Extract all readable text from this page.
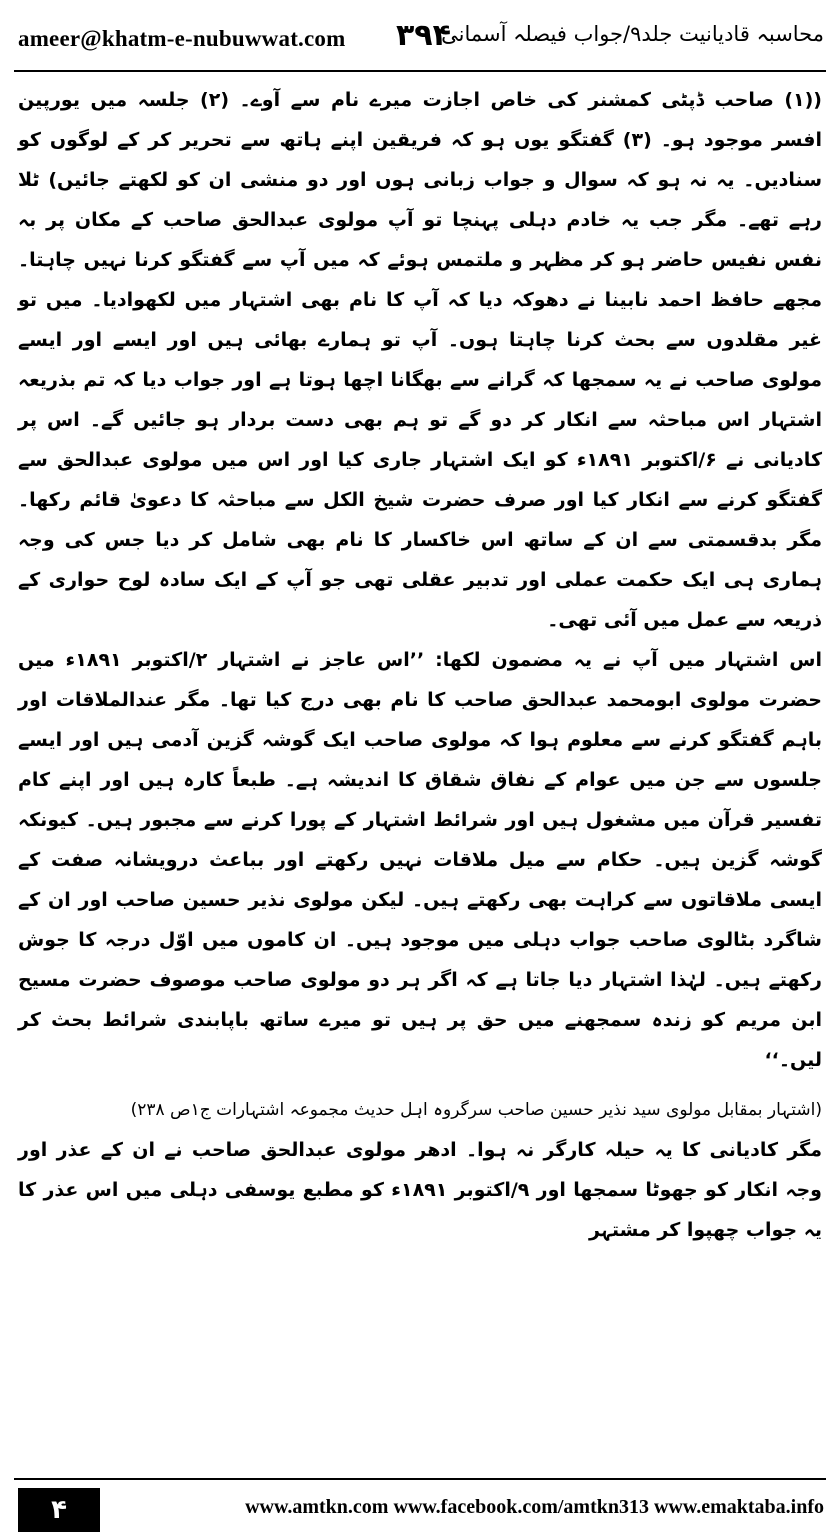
ameer@khatm-e-nubuwwat.com ۳۹۴
محاسبہ قادیانیت جلد۹/جواب فیصلہ آسمانی

((۱) صاحب ڈپٹی کمشنر کی خاص اجازت میرے نام سے آوے۔ (۲) جلسہ میں یورپین افسر موجود ہو۔ (۳) گفتگو یوں ہو کہ فریقین اپنے ہاتھ سے تحریر کر کے لوگوں کو سنادیں۔ یہ نہ ہو کہ سوال و جواب زبانی ہوں اور دو منشی ان کو لکھتے جائیں) ٹلا رہے تھے۔ مگر جب یہ خادم دہلی پہنچا تو آپ مولوی عبدالحق صاحب کے مکان پر بہ نفس نفیس حاضر ہو کر مظہر و ملتمس ہوئے کہ میں آپ سے گفتگو کرنا نہیں چاہتا۔ مجھے حافظ احمد نابینا نے دھوکہ دیا کہ آپ کا نام بھی اشتہار میں لکھوادیا۔ میں تو غیر مقلدوں سے بحث کرنا چاہتا ہوں۔ آپ تو ہمارے بھائی ہیں اور ایسے اور ایسے مولوی صاحب نے یہ سمجھا کہ گرانے سے بھگانا اچھا ہوتا ہے اور جواب دیا کہ تم بذریعہ اشتہار اس مباحثہ سے انکار کر دو گے تو ہم بھی دست بردار ہو جائیں گے۔ اس پر کادیانی نے ۶/اکتوبر ۱۸۹۱ء کو ایک اشتہار جاری کیا اور اس میں مولوی عبدالحق سے گفتگو کرنے سے انکار کیا اور صرف حضرت شیخ الکل سے مباحثہ کا دعویٰ قائم رکھا۔ مگر بدقسمتی سے ان کے ساتھ اس خاکسار کا نام بھی شامل کر دیا جس کی وجہ ہماری ہی ایک حکمت عملی اور تدبیر عقلی تھی جو آپ کے ایک سادہ لوح حواری کے ذریعہ سے عمل میں آئی تھی۔

اس اشتہار میں آپ نے یہ مضمون لکھا: ’’اس عاجز نے اشتہار ۲/اکتوبر ۱۸۹۱ء میں حضرت مولوی ابومحمد عبدالحق صاحب کا نام بھی درج کیا تھا۔ مگر عندالملاقات اور باہم گفتگو کرنے سے معلوم ہوا کہ مولوی صاحب ایک گوشہ گزین آدمی ہیں اور ایسے جلسوں سے جن میں عوام کے نفاق شقاق کا اندیشہ ہے۔ طبعاً کارہ ہیں اور اپنے کام تفسیر قرآن میں مشغول ہیں اور شرائط اشتہار کے پورا کرنے سے مجبور ہیں۔ کیونکہ گوشہ گزین ہیں۔ حکام سے میل ملاقات نہیں رکھتے اور بباعث درویشانہ صفت کے ایسی ملاقاتوں سے کراہت بھی رکھتے ہیں۔ لیکن مولوی نذیر حسین صاحب اور ان کے شاگرد بٹالوی صاحب جواب دہلی میں موجود ہیں۔ ان کاموں میں اوّل درجہ کا جوش رکھتے ہیں۔ لہٰذا اشتہار دیا جاتا ہے کہ اگر ہر دو مولوی صاحب موصوف حضرت مسیح ابن مریم کو زندہ سمجھنے میں حق پر ہیں تو میرے ساتھ باپابندی شرائط بحث کر لیں۔‘‘

(اشتہار بمقابل مولوی سید نذیر حسین صاحب سرگروہ اہل حدیث مجموعہ اشتہارات ج۱ص ۲۳۸)

مگر کادیانی کا یہ حیلہ کارگر نہ ہوا۔ ادھر مولوی عبدالحق صاحب نے ان کے عذر اور وجہ انکار کو جھوٹا سمجھا اور ۹/اکتوبر ۱۸۹۱ء کو مطبع یوسفی دہلی میں اس عذر کا یہ جواب چھپوا کر مشتہر

۴	www.amtkn.com www.facebook.com/amtkn313 www.emaktaba.info
